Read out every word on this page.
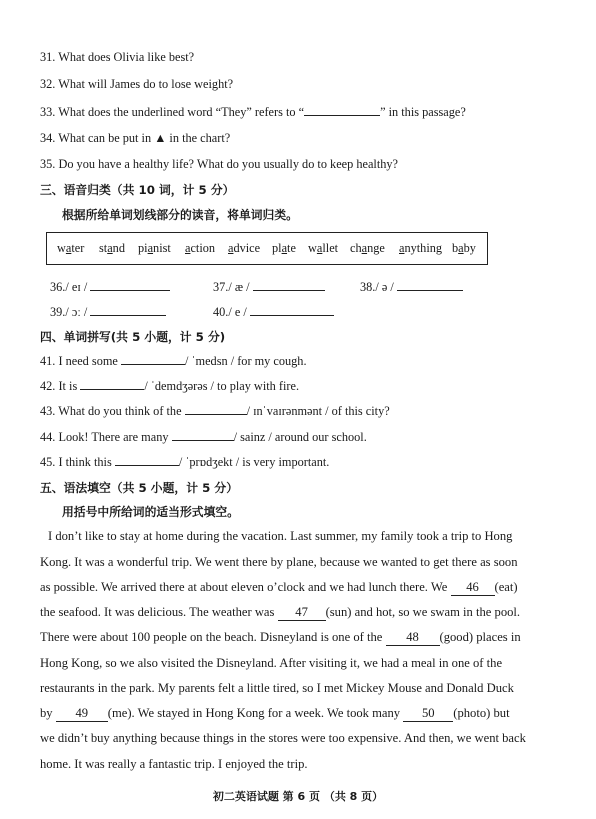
31. What does Olivia like best?
32. What will James do to lose weight?
33. What does the underlined word “They” refers to “	” in this passage?
34. What can be put in ▲ in the chart?
35. Do you have a healthy life? What do you usually do to keep healthy?
三、语音归类（共 10 词，计 5 分）
根据所给单词划线部分的读音，将单词归类。
water stand pianist action advice plate wallet change anything baby
36./ eɪ /	37./ æ /	38./ ə /
39./ ɔː /	40./ e /
四、单词拼写(共 5 小题，计 5 分)
41. I need some	/ ˈmedsn / for my cough.
42. It is	/ ˈdemdʒərəs / to play with fire.
43. What do you think of the	/ ɪnˈvaɪrənmənt / of this city?
44. Look! There are many	/ sainz / around our school.
45. I think this	/ ˈprɒdʒekt / is very important.
五、语法填空（共 5 小题，计 5 分）
用括号中所给词的适当形式填空。
I don’t like to stay at home during the vacation. Last summer, my family took a trip to Hong
Kong. It was a wonderful trip. We went there by plane, because we wanted to get there as soon
as possible. We arrived there at about eleven o’clock and we had lunch there. We 46 (eat)
the seafood. It was delicious. The weather was 47 (sun) and hot, so we swam in the pool.
There were about 100 people on the beach. Disneyland is one of the 48 (good) places in
Hong Kong, so we also visited the Disneyland. After visiting it, we had a meal in one of the
restaurants in the park. My parents felt a little tired, so I met Mickey Mouse and Donald Duck
by 49 (me). We stayed in Hong Kong for a week. We took many 50 (photo) but
we didn’t buy anything because things in the stores were too expensive. And then, we went back
home. It was really a fantastic trip. I enjoyed the trip.
初二英语试题 第 6 页 （共 8 页）
